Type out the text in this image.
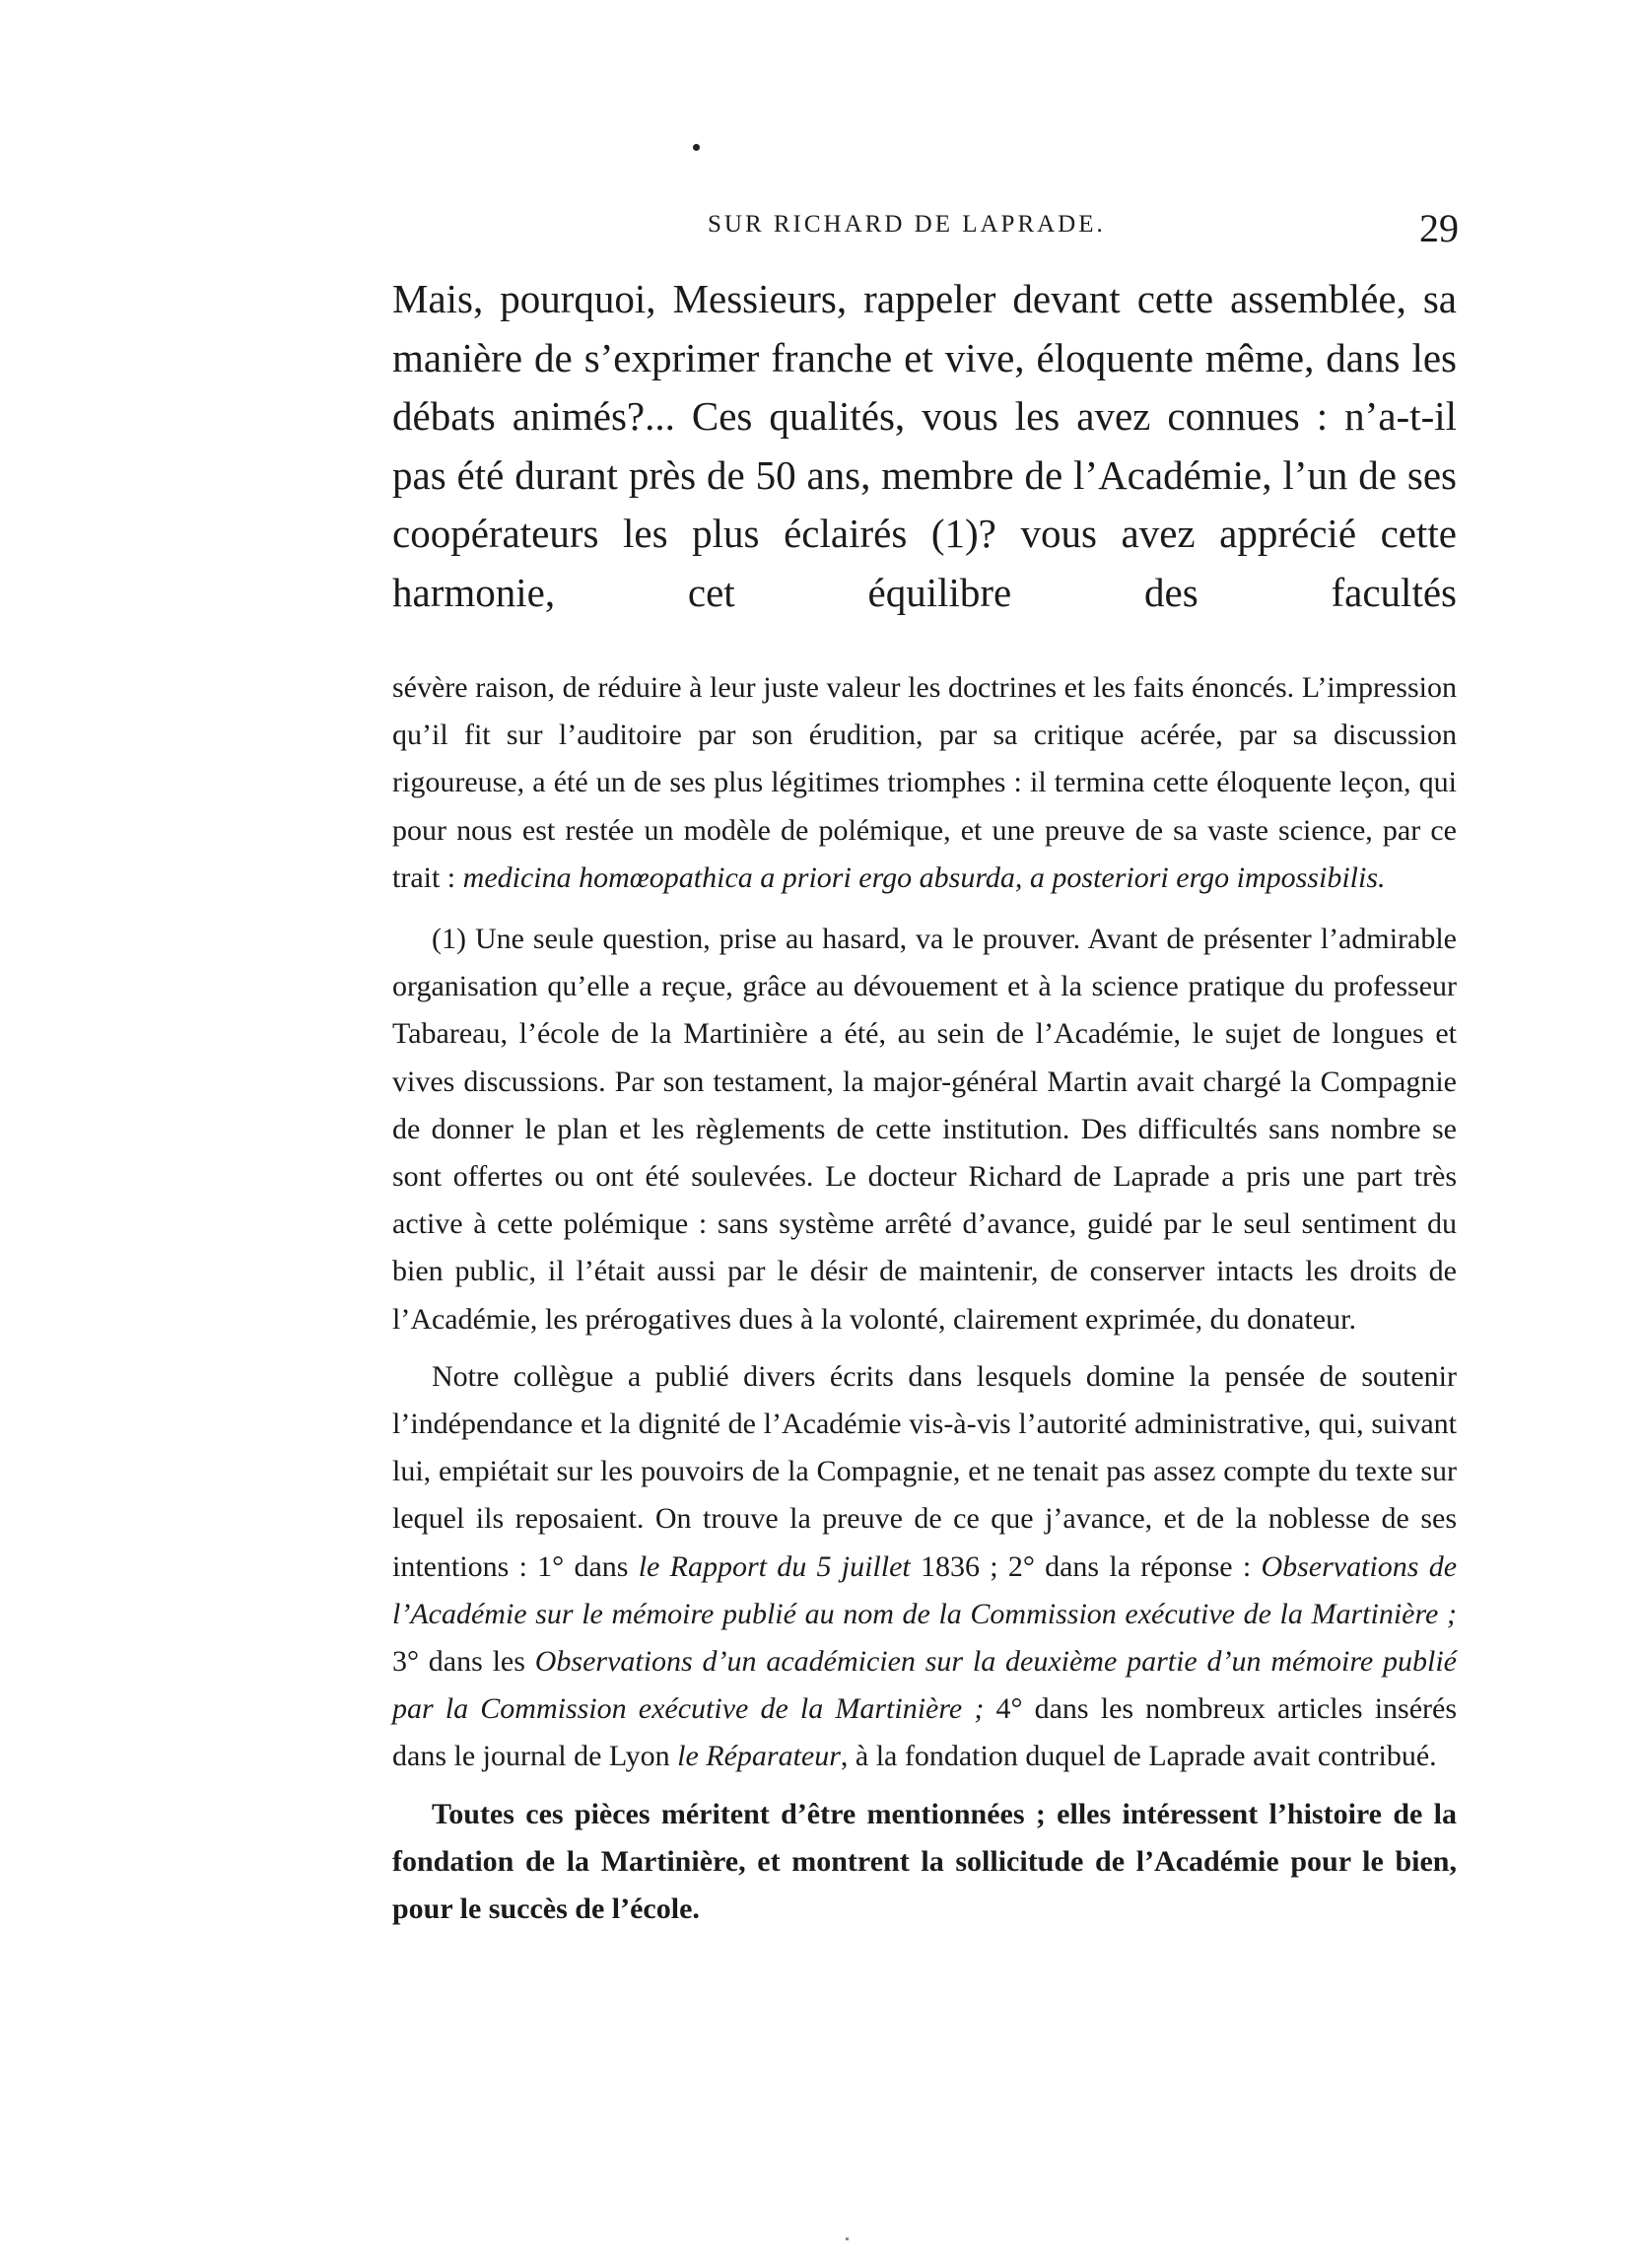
SUR RICHARD DE LAPRADE.	29

Mais, pourquoi, Messieurs, rappeler devant cette assemblée, sa manière de s’exprimer franche et vive, éloquente même, dans les débats animés?... Ces qualités, vous les avez connues : n’a-t-il pas été durant près de 50 ans, membre de l’Académie, l’un de ses coopérateurs les plus éclairés (1)? vous avez apprécié cette harmonie, cet équilibre des facultés

sévère raison, de réduire à leur juste valeur les doctrines et les faits énoncés. L’impression qu’il fit sur l’auditoire par son érudition, par sa critique acérée, par sa discussion rigoureuse, a été un de ses plus légitimes triomphes : il termina cette éloquente leçon, qui pour nous est restée un modèle de polémique, et une preuve de sa vaste science, par ce trait : medicina homœopathica a priori ergo absurda, a posteriori ergo impossibilis.

(1) Une seule question, prise au hasard, va le prouver. Avant de présenter l’admirable organisation qu’elle a reçue, grâce au dévouement et à la science pratique du professeur Tabareau, l’école de la Martinière a été, au sein de l’Académie, le sujet de longues et vives discussions. Par son testament, la major-général Martin avait chargé la Compagnie de donner le plan et les règlements de cette institution. Des difficultés sans nombre se sont offertes ou ont été soulevées. Le docteur Richard de Laprade a pris une part très active à cette polémique : sans système arrêté d’avance, guidé par le seul sentiment du bien public, il l’était aussi par le désir de maintenir, de conserver intacts les droits de l’Académie, les prérogatives dues à la volonté, clairement exprimée, du donateur.

Notre collègue a publié divers écrits dans lesquels domine la pensée de soutenir l’indépendance et la dignité de l’Académie vis-à-vis l’autorité administrative, qui, suivant lui, empiétait sur les pouvoirs de la Compagnie, et ne tenait pas assez compte du texte sur lequel ils reposaient. On trouve la preuve de ce que j’avance, et de la noblesse de ses intentions : 1° dans le Rapport du 5 juillet 1836 ; 2° dans la réponse : Observations de l’Académie sur le mémoire publié au nom de la Commission exécutive de la Martinière ; 3° dans les Observations d’un académicien sur la deuxième partie d’un mémoire publié par la Commission exécutive de la Martinière ; 4° dans les nombreux articles insérés dans le journal de Lyon le Réparateur, à la fondation duquel de Laprade avait contribué.

Toutes ces pièces méritent d’être mentionnées ; elles intéressent l’histoire de la fondation de la Martinière, et montrent la sollicitude de l’Académie pour le bien, pour le succès de l’école.
